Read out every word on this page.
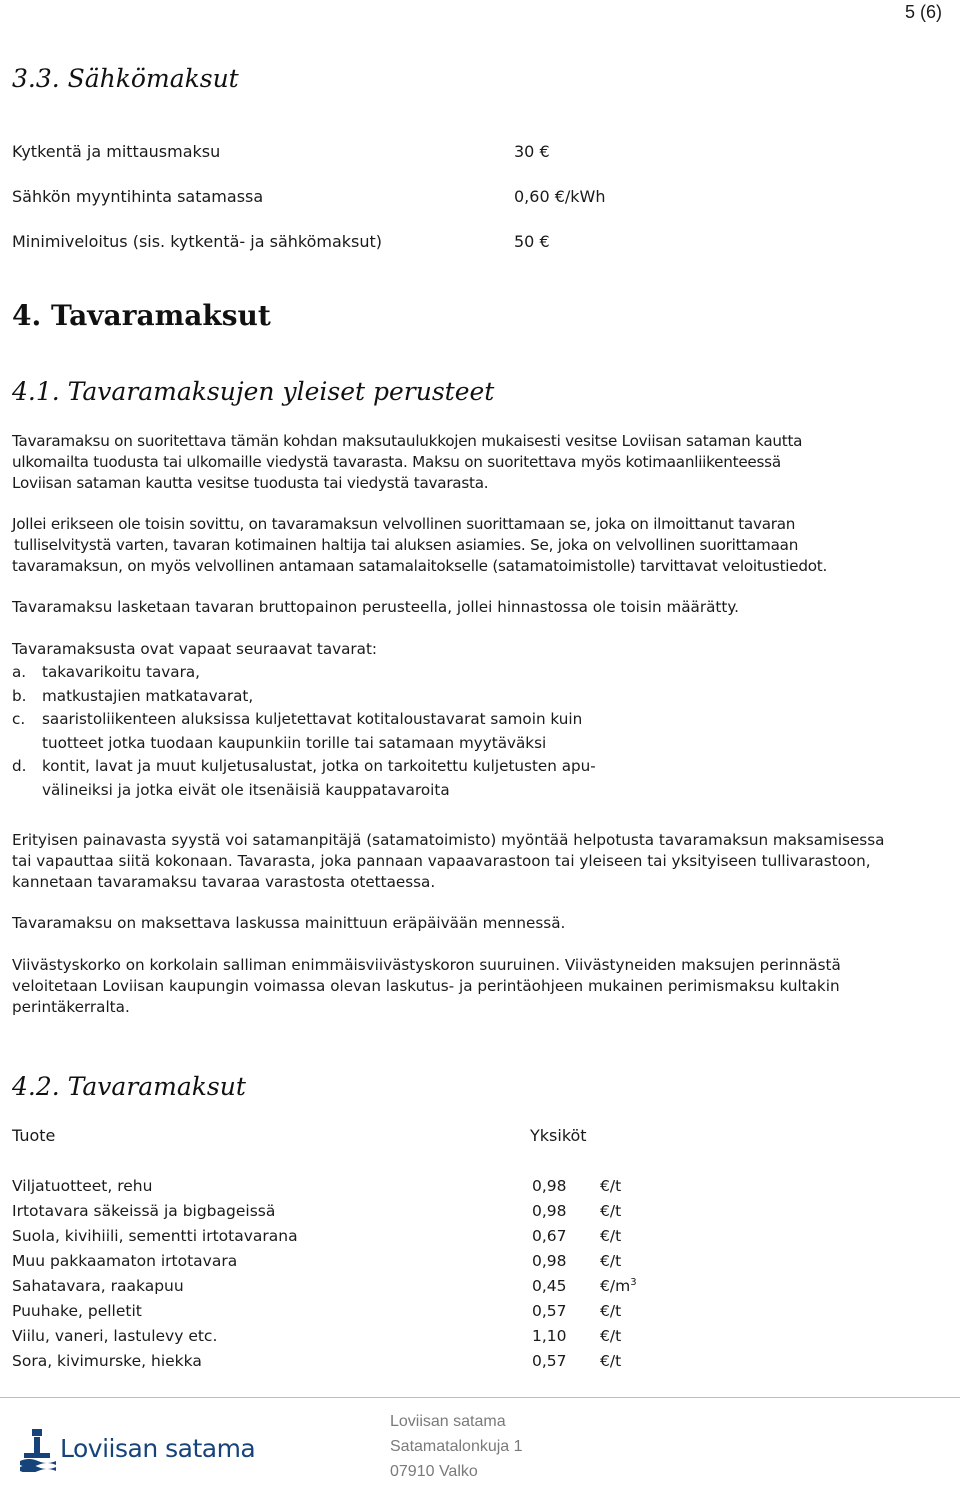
5 (6)
3.3. Sähkömaksut
Kytkentä ja mittausmaksu	30 €
Sähkön myyntihinta satamassa	0,60 €/kWh
Minimiveloitus (sis. kytkentä- ja sähkömaksut)	50 €
4. Tavaramaksut
4.1. Tavaramaksujen yleiset perusteet
Tavaramaksu on suoritettava tämän kohdan maksutaulukkojen mukaisesti vesitse Loviisan sataman kautta
ulkomailta tuodusta tai ulkomaille viedystä tavarasta. Maksu on suoritettava myös kotimaanliikenteessä
Loviisan sataman kautta vesitse tuodusta tai viedystä tavarasta.
Jollei erikseen ole toisin sovittu, on tavaramaksun velvollinen suorittamaan se, joka on ilmoittanut tavaran
tulliselvitystä varten, tavaran kotimainen haltija tai aluksen asiamies. Se, joka on velvollinen suorittamaan
tavaramaksun, on myös velvollinen antamaan satamalaitokselle (satamatoimistolle) tarvittavat veloitustiedot.
Tavaramaksu lasketaan tavaran bruttopainon perusteella, jollei hinnastossa ole toisin määrätty.
Tavaramaksusta ovat vapaat seuraavat tavarat:
a. takavarikoitu tavara,
b. matkustajien matkatavarat,
c. saaristoliikenteen aluksissa kuljetettavat kotitaloustavarat samoin kuin
tuotteet jotka tuodaan kaupunkiin torille tai satamaan myytäväksi
d. kontit, lavat ja muut kuljetusalustat, jotka on tarkoitettu kuljetusten apu-
välineiksi ja jotka eivät ole itsenäisiä kauppatavaroita
Erityisen painavasta syystä voi satamanpitäjä (satamatoimisto) myöntää helpotusta tavaramaksun maksamisessa
tai vapauttaa siitä kokonaan. Tavarasta, joka pannaan vapaavarastoon tai yleiseen tai yksityiseen tullivarastoon,
kannetaan tavaramaksu tavaraa varastosta otettaessa.
Tavaramaksu on maksettava laskussa mainittuun eräpäivään mennessä.
Viivästyskorko on korkolain salliman enimmäisviivästyskoron suuruinen. Viivästyneiden maksujen perinnästä
veloitetaan Loviisan kaupungin voimassa olevan laskutus- ja perintäohjeen mukainen perimismaksu kultakin
perintäkerralta.
4.2. Tavaramaksut
Tuote	Yksiköt
Viljatuotteet, rehu	0,98 €/t
Irtotavara säkeissä ja bigbageissä	0,98 €/t
Suola, kivihiili, sementti irtotavarana	0,67 €/t
Muu pakkaamaton irtotavara	0,98 €/t
Sahatavara, raakapuu	0,45 $€/m^3$
Puuhake, pelletit	0,57 €/t
Viilu, vaneri, lastulevy etc.	1,10 €/t
Sora, kivimurske, hiekka	0,57 €/t
Loviisan satama
Loviisan satama
Satamatalonkuja 1
07910 Valko
